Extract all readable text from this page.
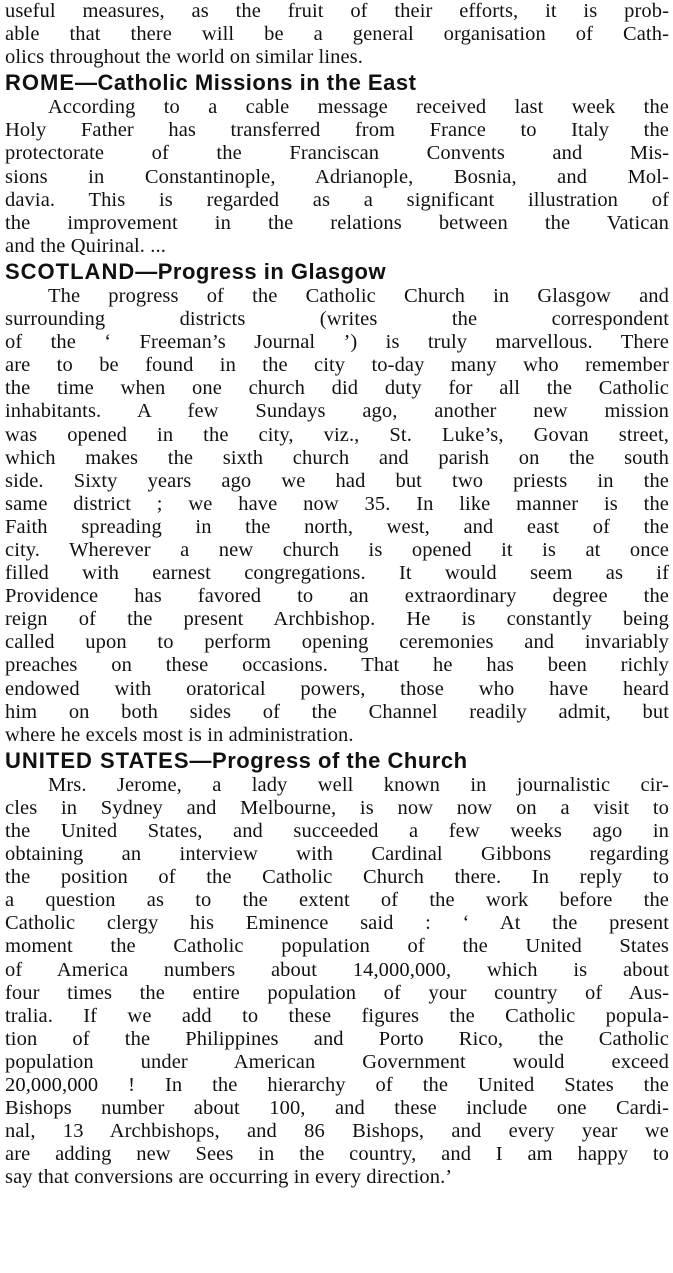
useful measures, as the fruit of their efforts, it is prob-
able that there will be a general organisation of Cath-
olics throughout the world on similar lines.
ROME—Catholic Missions in the East
According to a cable message received last week the
Holy Father has transferred from France to Italy the
protectorate of the Franciscan Convents and Mis-
sions in Constantinople, Adrianople, Bosnia, and Mol-
davia. This is regarded as a significant illustration of
the improvement in the relations between the Vatican
and the Quirinal. ...
SCOTLAND—Progress in Glasgow
The progress of the Catholic Church in Glasgow and
surrounding districts (writes the correspondent
of the ‘ Freeman’s Journal ’) is truly marvellous. There
are to be found in the city to-day many who remember
the time when one church did duty for all the Catholic
inhabitants. A few Sundays ago, another new mission
was opened in the city, viz., St. Luke’s, Govan street,
which makes the sixth church and parish on the south
side. Sixty years ago we had but two priests in the
same district ; we have now 35. In like manner is the
Faith spreading in the north, west, and east of the
city. Wherever a new church is opened it is at once
filled with earnest congregations. It would seem as if
Providence has favored to an extraordinary degree the
reign of the present Archbishop. He is constantly being
called upon to perform opening ceremonies and invariably
preaches on these occasions. That he has been richly
endowed with oratorical powers, those who have heard
him on both sides of the Channel readily admit, but
where he excels most is in administration.
UNITED STATES—Progress of the Church
Mrs. Jerome, a lady well known in journalistic cir-
cles in Sydney and Melbourne, is now now on a visit to
the United States, and succeeded a few weeks ago in
obtaining an interview with Cardinal Gibbons regarding
the position of the Catholic Church there. In reply to
a question as to the extent of the work before the
Catholic clergy his Eminence said : ‘ At the present
moment the Catholic population of the United States
of America numbers about 14,000,000, which is about
four times the entire population of your country of Aus-
tralia. If we add to these figures the Catholic popula-
tion of the Philippines and Porto Rico, the Catholic
population under American Government would exceed
20,000,000 ! In the hierarchy of the United States the
Bishops number about 100, and these include one Cardi-
nal, 13 Archbishops, and 86 Bishops, and every year we
are adding new Sees in the country, and I am happy to
say that conversions are occurring in every direction.’
